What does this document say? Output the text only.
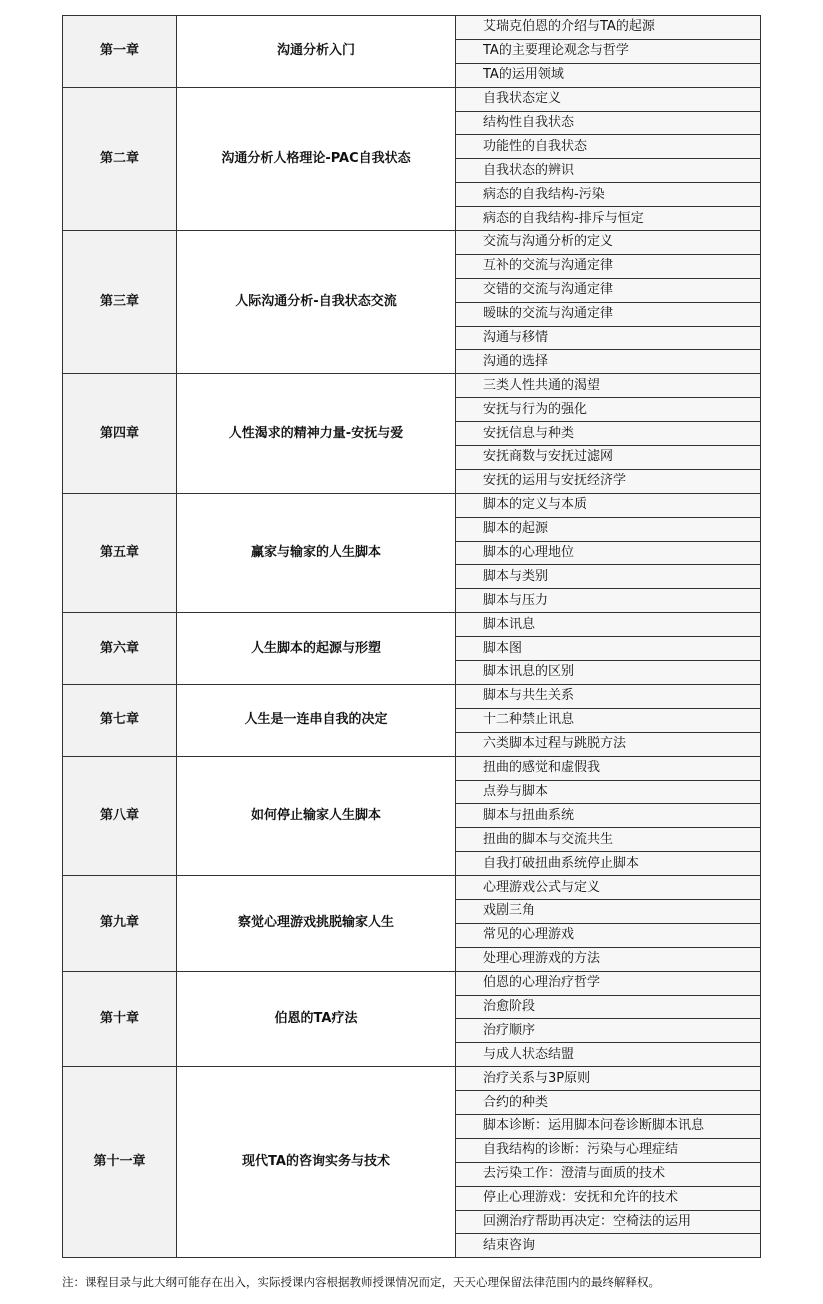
第一章	沟通分析入门	艾瑞克伯恩的介绍与TA的起源
		TA的主要理论观念与哲学
		TA的运用领域
第二章	沟通分析人格理论-PAC自我状态	自我状态定义
		结构性自我状态
		功能性的自我状态
		自我状态的辨识
		病态的自我结构-污染
		病态的自我结构-排斥与恒定
第三章	人际沟通分析-自我状态交流	交流与沟通分析的定义
		互补的交流与沟通定律
		交错的交流与沟通定律
		暧昧的交流与沟通定律
		沟通与移情
		沟通的选择
第四章	人性渴求的精神力量-安抚与爱	三类人性共通的渴望
		安抚与行为的强化
		安抚信息与种类
		安抚商数与安抚过滤网
		安抚的运用与安抚经济学
第五章	赢家与输家的人生脚本	脚本的定义与本质
		脚本的起源
		脚本的心理地位
		脚本与类别
		脚本与压力
第六章	人生脚本的起源与形塑	脚本讯息
		脚本图
		脚本讯息的区别
第七章	人生是一连串自我的决定	脚本与共生关系
		十二种禁止讯息
		六类脚本过程与跳脱方法
第八章	如何停止输家人生脚本	扭曲的感觉和虚假我
		点券与脚本
		脚本与扭曲系统
		扭曲的脚本与交流共生
		自我打破扭曲系统停止脚本
第九章	察觉心理游戏挑脱输家人生	心理游戏公式与定义
		戏剧三角
		常见的心理游戏
		处理心理游戏的方法
第十章	伯恩的TA疗法	伯恩的心理治疗哲学
		治愈阶段
		治疗顺序
		与成人状态结盟
第十一章	现代TA的咨询实务与技术	治疗关系与3P原则
		合约的种类
		脚本诊断：运用脚本问卷诊断脚本讯息
		自我结构的诊断：污染与心理症结
		去污染工作：澄清与面质的技术
		停止心理游戏：安抚和允许的技术
		回溯治疗帮助再决定：空椅法的运用
		结束咨询
注：课程目录与此大纲可能存在出入，实际授课内容根据教师授课情况而定，天天心理保留法律范围内的最终解释权。
